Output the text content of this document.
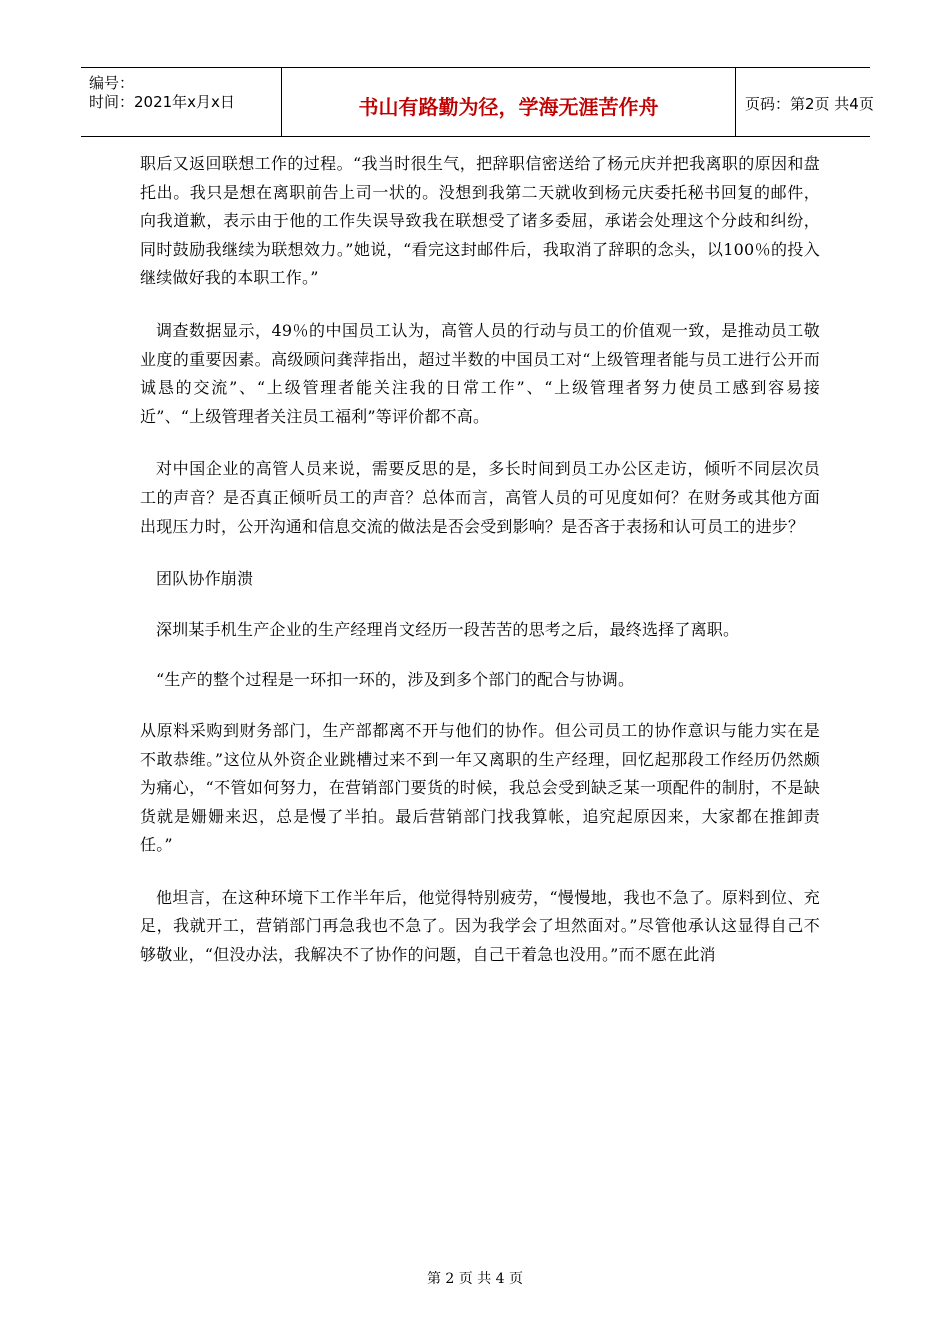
编号：
时间：2021年x月x日	书山有路勤为径，学海无涯苦作舟	页码：第2页 共4页

职后又返回联想工作的过程。“我当时很生气，把辞职信密送给了杨元庆并把我离职的原因和盘托出。我只是想在离职前告上司一状的。没想到我第二天就收到杨元庆委托秘书回复的邮件，向我道歉，表示由于他的工作失误导致我在联想受了诸多委屈，承诺会处理这个分歧和纠纷，同时鼓励我继续为联想效力。”她说，“看完这封邮件后，我取消了辞职的念头，以100％的投入继续做好我的本职工作。”

调查数据显示，49％的中国员工认为，高管人员的行动与员工的价值观一致，是推动员工敬业度的重要因素。高级顾问龚萍指出，超过半数的中国员工对“上级管理者能与员工进行公开而诚恳的交流”、“上级管理者能关注我的日常工作”、“上级管理者努力使员工感到容易接近”、“上级管理者关注员工福利”等评价都不高。

对中国企业的高管人员来说，需要反思的是，多长时间到员工办公区走访，倾听不同层次员工的声音？是否真正倾听员工的声音？总体而言，高管人员的可见度如何？在财务或其他方面出现压力时，公开沟通和信息交流的做法是否会受到影响？是否吝于表扬和认可员工的进步？

团队协作崩溃

深圳某手机生产企业的生产经理肖文经历一段苦苦的思考之后，最终选择了离职。

“生产的整个过程是一环扣一环的，涉及到多个部门的配合与协调。

从原料采购到财务部门，生产部都离不开与他们的协作。但公司员工的协作意识与能力实在是不敢恭维。”这位从外资企业跳槽过来不到一年又离职的生产经理，回忆起那段工作经历仍然颇为痛心，“不管如何努力，在营销部门要货的时候，我总会受到缺乏某一项配件的制肘，不是缺货就是姗姗来迟，总是慢了半拍。最后营销部门找我算帐，追究起原因来，大家都在推卸责任。”

他坦言，在这种环境下工作半年后，他觉得特别疲劳，“慢慢地，我也不急了。原料到位、充足，我就开工，营销部门再急我也不急了。因为我学会了坦然面对。”尽管他承认这显得自己不够敬业，“但没办法，我解决不了协作的问题，自己干着急也没用。”而不愿在此消

第 2 页 共 4 页
